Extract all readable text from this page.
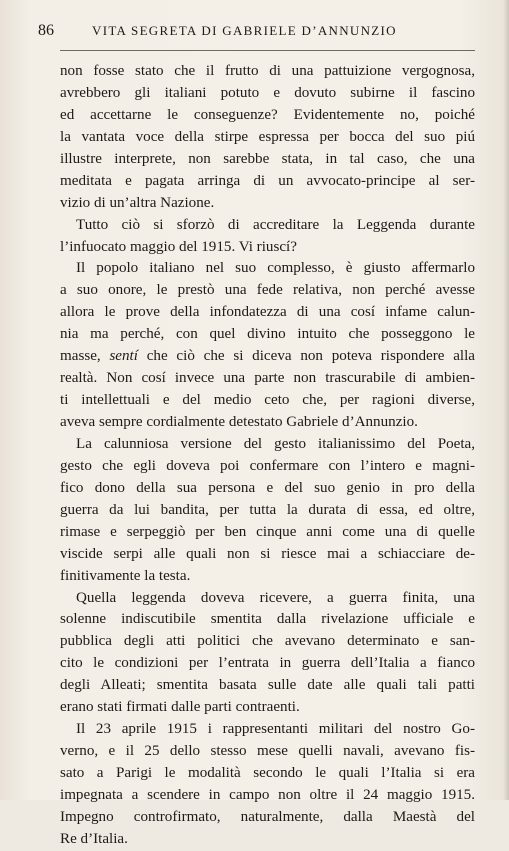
86	VITA SEGRETA DI GABRIELE D’ANNUNZIO
non fosse stato che il frutto di una pattuizione vergognosa,
avrebbero gli italiani potuto e dovuto subirne il fascino
ed accettarne le conseguenze? Evidentemente no, poiché
la vantata voce della stirpe espressa per bocca del suo piú
illustre interprete, non sarebbe stata, in tal caso, che una
meditata e pagata arringa di un avvocato-principe al ser-
vizio di un’altra Nazione.
Tutto ciò si sforzò di accreditare la Leggenda durante
l’infuocato maggio del 1915. Vi riuscí?
Il popolo italiano nel suo complesso, è giusto affermarlo
a suo onore, le prestò una fede relativa, non perché avesse
allora le prove della infondatezza di una cosí infame calun-
nia ma perché, con quel divino intuito che posseggono le
masse, sentí che ciò che si diceva non poteva rispondere alla
realtà. Non cosí invece una parte non trascurabile di ambien-
ti intellettuali e del medio ceto che, per ragioni diverse,
aveva sempre cordialmente detestato Gabriele d’Annunzio.
La calunniosa versione del gesto italianissimo del Poeta,
gesto che egli doveva poi confermare con l’intero e magni-
fico dono della sua persona e del suo genio in pro della
guerra da lui bandita, per tutta la durata di essa, ed oltre,
rimase e serpeggiò per ben cinque anni come una di quelle
viscide serpi alle quali non si riesce mai a schiacciare de-
finitivamente la testa.
Quella leggenda doveva ricevere, a guerra finita, una
solenne indiscutibile smentita dalla rivelazione ufficiale e
pubblica degli atti politici che avevano determinato e san-
cito le condizioni per l’entrata in guerra dell’Italia a fianco
degli Alleati; smentita basata sulle date alle quali tali patti
erano stati firmati dalle parti contraenti.
Il 23 aprile 1915 i rappresentanti militari del nostro Go-
verno, e il 25 dello stesso mese quelli navali, avevano fis-
sato a Parigi le modalità secondo le quali l’Italia si era
impegnata a scendere in campo non oltre il 24 maggio 1915.
Impegno controfirmato, naturalmente, dalla Maestà del
Re d’Italia.
